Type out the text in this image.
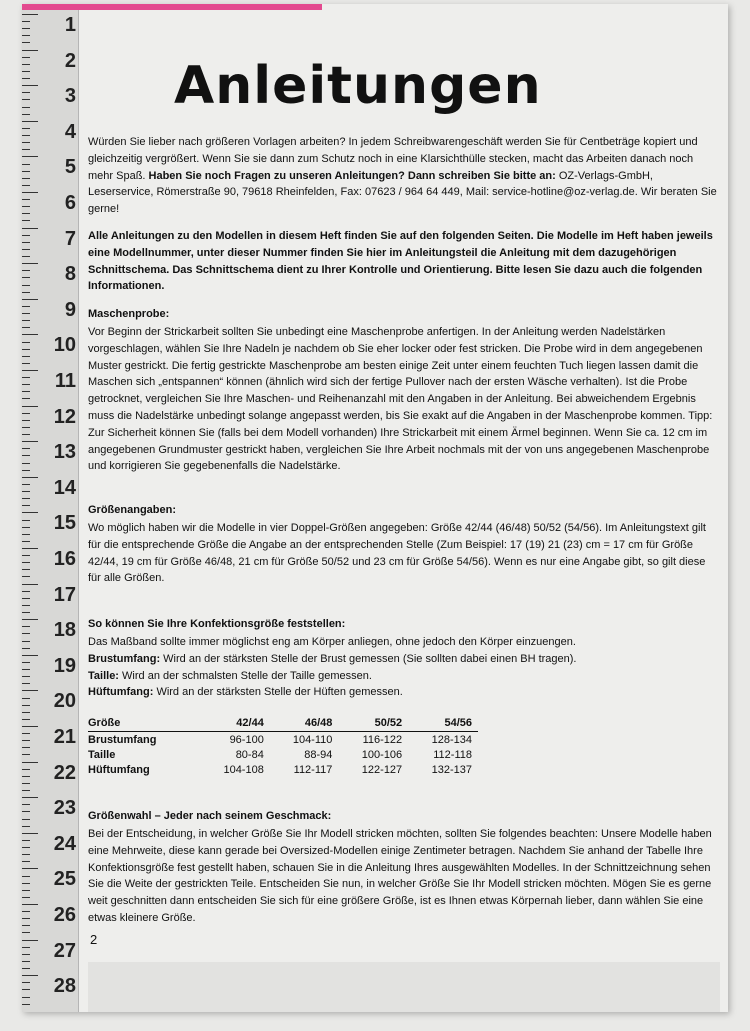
1
2
3
4
5
6
7
8
9
10
11
12
13
14
15
16
17
18
19
20
21
22
23
24
25
26
27
28
Anleitungen

Würden Sie lieber nach größeren Vorlagen arbeiten? In jedem Schreibwarengeschäft werden Sie für Centbeträge kopiert und gleichzeitig vergrößert. Wenn Sie sie dann zum Schutz noch in eine Klarsichthülle stecken, macht das Arbeiten danach noch mehr Spaß. Haben Sie noch Fragen zu unseren Anleitungen? Dann schreiben Sie bitte an: OZ-Verlags-GmbH, Leserservice, Römerstraße 90, 79618 Rheinfelden, Fax: 07623 / 964 64 449, Mail: service-hotline@oz-verlag.de. Wir beraten Sie gerne!

Alle Anleitungen zu den Modellen in diesem Heft finden Sie auf den folgenden Seiten. Die Modelle im Heft haben jeweils eine Modellnummer, unter dieser Nummer finden Sie hier im Anleitungsteil die Anleitung mit dem dazugehörigen Schnittschema. Das Schnittschema dient zu Ihrer Kontrolle und Orientierung. Bitte lesen Sie dazu auch die folgenden Informationen.

Maschenprobe:

Vor Beginn der Strickarbeit sollten Sie unbedingt eine Maschenprobe anfertigen. In der Anleitung werden Nadelstärken vorgeschlagen, wählen Sie Ihre Nadeln je nachdem ob Sie eher locker oder fest stricken. Die Probe wird in dem angegebenen Muster gestrickt. Die fertig gestrickte Maschenprobe am besten einige Zeit unter einem feuchten Tuch liegen lassen damit die Maschen sich „entspannen“ können (ähnlich wird sich der fertige Pullover nach der ersten Wäsche verhalten). Ist die Probe getrocknet, vergleichen Sie Ihre Maschen- und Reihenanzahl mit den Angaben in der Anleitung. Bei abweichendem Ergebnis muss die Nadelstärke unbedingt solange angepasst werden, bis Sie exakt auf die Angaben in der Maschenprobe kommen. Tipp: Zur Sicherheit können Sie (falls bei dem Modell vorhanden) Ihre Strickarbeit mit einem Ärmel beginnen. Wenn Sie ca. 12 cm im angegebenen Grundmuster gestrickt haben, vergleichen Sie Ihre Arbeit nochmals mit der von uns angegebenen Maschenprobe und korrigieren Sie gegebenenfalls die Nadelstärke.

Größenangaben:

Wo möglich haben wir die Modelle in vier Doppel-Größen angegeben: Größe 42/44 (46/48) 50/52 (54/56). Im Anleitungstext gilt für die entsprechende Größe die Angabe an der entsprechenden Stelle (Zum Beispiel: 17 (19) 21 (23) cm = 17 cm für Größe 42/44, 19 cm für Größe 46/48, 21 cm für Größe 50/52 und 23 cm für Größe 54/56). Wenn es nur eine Angabe gibt, so gilt diese für alle Größen.

So können Sie Ihre Konfektionsgröße feststellen:

Das Maßband sollte immer möglichst eng am Körper anliegen, ohne jedoch den Körper einzuengen.
Brustumfang: Wird an der stärksten Stelle der Brust gemessen (Sie sollten dabei einen BH tragen).
Taille: Wird an der schmalsten Stelle der Taille gemessen.
Hüftumfang: Wird an der stärksten Stelle der Hüften gemessen.

Größe	42/44	46/48	50/52	54/56
Brustumfang	96-100	104-110	116-122	128-134
Taille	80-84	88-94	100-106	112-118
Hüftumfang	104-108	112-117	122-127	132-137

Größenwahl – Jeder nach seinem Geschmack:

Bei der Entscheidung, in welcher Größe Sie Ihr Modell stricken möchten, sollten Sie folgendes beachten: Unsere Modelle haben eine Mehrweite, diese kann gerade bei Oversized-Modellen einige Zentimeter betragen. Nachdem Sie anhand der Tabelle Ihre Konfektionsgröße fest gestellt haben, schauen Sie in die Anleitung Ihres ausgewählten Modelles. In der Schnittzeichnung sehen Sie die Weite der gestrickten Teile. Entscheiden Sie nun, in welcher Größe Sie Ihr Modell stricken möchten. Mögen Sie es gerne weit geschnitten dann entscheiden Sie sich für eine größere Größe, ist es Ihnen etwas Körpernah lieber, dann wählen Sie eine etwas kleinere Größe.

2
